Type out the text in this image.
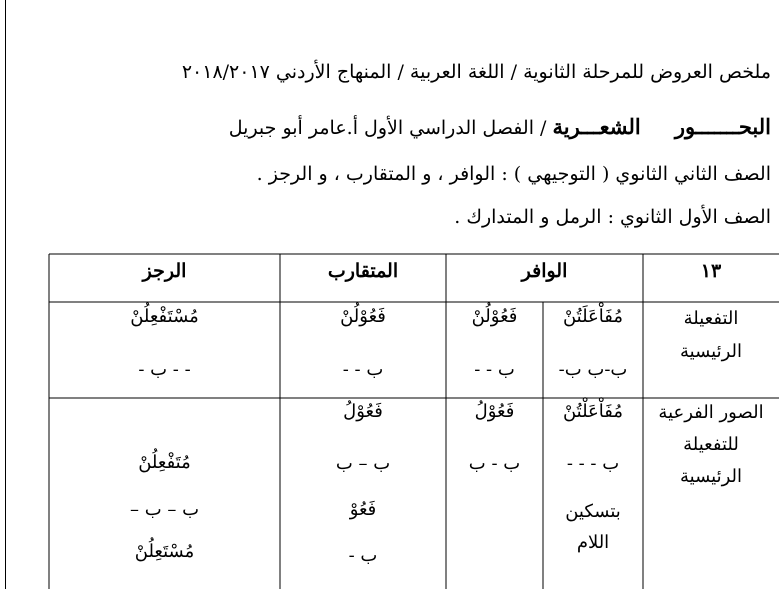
ملخص العروض للمرحلة الثانوية / اللغة العربية / المنهاج الأردني ٢٠١٨/٢٠١٧
البحـــــــور  الشعـــرية / الفصل الدراسي الأول أ.عامر أبو جبريل
الصف الثاني الثانوي ( التوجيهي ) : الوافر ، و المتقارب ، و الرجز .
الصف الأول الثانوي : الرمل و المتدارك .
١٣
الوافر
المتقارب
الرجز
التفعيلة
الرئيسية
مُفَاْعَلَتُنْ
ب-ب ب-
فَعُوْلُنْ
ب - -
فَعُوْلُنْ
ب - -
مُسْتَفْعِلُنْ
- - ب -
الصور الفرعية
للتفعيلة
الرئيسية
مُفَاْعَلْتُنْ
ب - - -
بتسكين
اللام
فَعُوْلُ
ب - ب
فَعُوْلُ
ب – ب
فَعُوْ
ب -
مُتَفْعِلُنْ
ب – ب –
مُسْتَعِلُنْ
